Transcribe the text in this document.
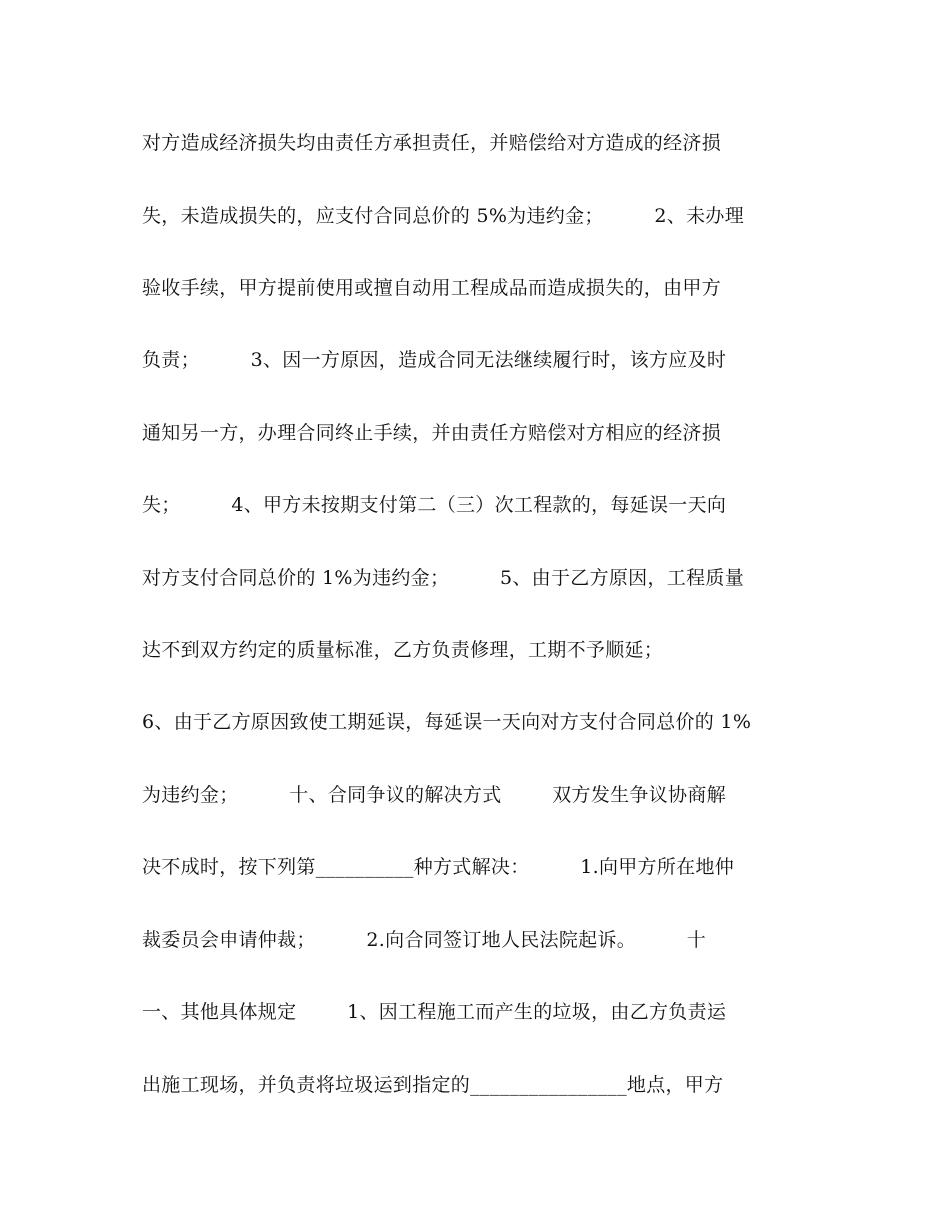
对方造成经济损失均由责任方承担责任，并赔偿给对方造成的经济损
失，未造成损失的，应支付合同总价的 5%为违约金；        2、未办理
验收手续，甲方提前使用或擅自动用工程成品而造成损失的，由甲方
负责；        3、因一方原因，造成合同无法继续履行时，该方应及时
通知另一方，办理合同终止手续，并由责任方赔偿对方相应的经济损
失；        4、甲方未按期支付第二（三）次工程款的，每延误一天向
对方支付合同总价的 1%为违约金；        5、由于乙方原因，工程质量
达不到双方约定的质量标准，乙方负责修理，工期不予顺延；
6、由于乙方原因致使工期延误，每延误一天向对方支付合同总价的 1%
为违约金；        十、合同争议的解决方式        双方发生争议协商解
决不成时，按下列第__________种方式解决：        1.向甲方所在地仲
裁委员会申请仲裁；        2.向合同签订地人民法院起诉。        十
一、其他具体规定        1、因工程施工而产生的垃圾，由乙方负责运
出施工现场，并负责将垃圾运到指定的________________地点，甲方
